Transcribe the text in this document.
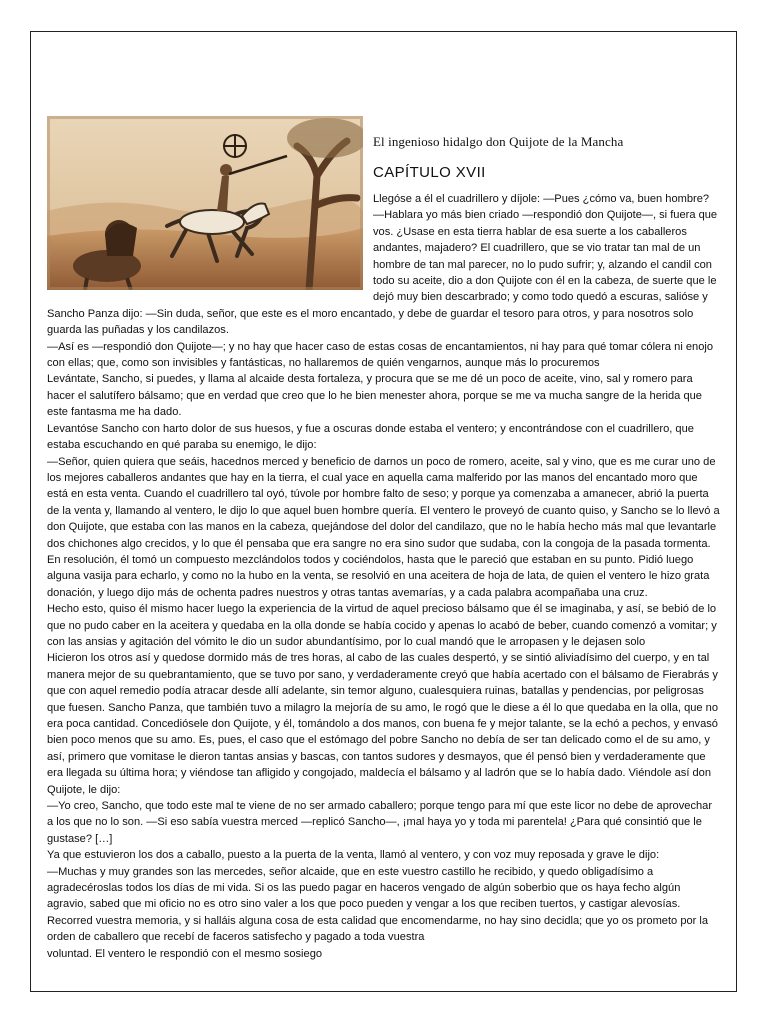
El ingenioso hidalgo don Quijote de la Mancha
CAPÍTULO XVII

Llegóse a él el cuadrillero y díjole: —Pues ¿cómo va, buen hombre? —Hablara yo más bien criado —respondió don Quijote—, si fuera que vos. ¿Usase en esta tierra hablar de esa suerte a los caballeros andantes, majadero? El cuadrillero, que se vio tratar tan mal de un hombre de tan mal parecer, no lo pudo sufrir; y, alzando el candil con todo su aceite, dio a don Quijote con él en la cabeza, de suerte que le dejó muy bien descarbrado; y como todo quedó a escuras, salióse y Sancho Panza dijo: —Sin duda, señor, que este es el moro encantado, y debe de guardar el tesoro para otros, y para nosotros solo guarda las puñadas y los candilazos.

—Así es —respondió don Quijote—; y no hay que hacer caso de estas cosas de encantamientos, ni hay para qué tomar cólera ni enojo con ellas; que, como son invisibles y fantásticas, no hallaremos de quién vengarnos, aunque más lo procuremos

Levántate, Sancho, si puedes, y llama al alcaide desta fortaleza, y procura que se me dé un poco de aceite, vino, sal y romero para hacer el salutífero bálsamo; que en verdad que creo que lo he bien menester ahora, porque se me va mucha sangre de la herida que este fantasma me ha dado.

Levantóse Sancho con harto dolor de sus huesos, y fue a oscuras donde estaba el ventero; y encontrándose con el cuadrillero, que estaba escuchando en qué paraba su enemigo, le dijo:

—Señor, quien quiera que seáis, hacednos merced y beneficio de darnos un poco de romero, aceite, sal y vino, que es me curar uno de los mejores caballeros andantes que hay en la tierra, el cual yace en aquella cama malferido por las manos del encantado moro que está en esta venta. Cuando el cuadrillero tal oyó, túvole por hombre falto de seso; y porque ya comenzaba a amanecer, abrió la puerta de la venta y, llamando al ventero, le dijo lo que aquel buen hombre quería. El ventero le proveyó de cuanto quiso, y Sancho se lo llevó a don Quijote, que estaba con las manos en la cabeza, quejándose del dolor del candilazo, que no le había hecho más mal que levantarle dos chichones algo crecidos, y lo que él pensaba que era sangre no era sino sudor que sudaba, con la congoja de la pasada tormenta.

En resolución, él tomó un compuesto mezclándolos todos y cociéndolos, hasta que le pareció que estaban en su punto. Pidió luego alguna vasija para echarlo, y como no la hubo en la venta, se resolvió en una aceitera de hoja de lata, de quien el ventero le hizo grata donación, y luego dijo más de ochenta padres nuestros y otras tantas avemarías, y a cada palabra acompañaba una cruz.

Hecho esto, quiso él mismo hacer luego la experiencia de la virtud de aquel precioso bálsamo que él se imaginaba, y así, se bebió de lo que no pudo caber en la aceitera y quedaba en la olla donde se había cocido y apenas lo acabó de beber, cuando comenzó a vomitar; y con las ansias y agitación del vómito le dio un sudor abundantísimo, por lo cual mandó que le arropasen y le dejasen solo

Hicieron los otros así y quedose dormido más de tres horas, al cabo de las cuales despertó, y se sintió aliviadísimo del cuerpo, y en tal manera mejor de su quebrantamiento, que se tuvo por sano, y verdaderamente creyó que había acertado con el bálsamo de Fierabrás y que con aquel remedio podía atracar desde allí adelante, sin temor alguno, cualesquiera ruinas, batallas y pendencias, por peligrosas que fuesen. Sancho Panza, que también tuvo a milagro la mejoría de su amo, le rogó que le diese a él lo que quedaba en la olla, que no era poca cantidad. Concediósele don Quijote, y él, tomándolo a dos manos, con buena fe y mejor talante, se la echó a pechos, y envasó bien poco menos que su amo. Es, pues, el caso que el estómago del pobre Sancho no debía de ser tan delicado como el de su amo, y así, primero que vomitase le dieron tantas ansias y bascas, con tantos sudores y desmayos, que él pensó bien y verdaderamente que era llegada su última hora; y viéndose tan afligido y congojado, maldecía el bálsamo y al ladrón que se lo había dado. Viéndole así don Quijote, le dijo:

—Yo creo, Sancho, que todo este mal te viene de no ser armado caballero; porque tengo para mí que este licor no debe de aprovechar a los que no lo son. —Si eso sabía vuestra merced —replicó Sancho—, ¡mal haya yo y toda mi parentela! ¿Para qué consintió que le gustase? […]

Ya que estuvieron los dos a caballo, puesto a la puerta de la venta, llamó al ventero, y con voz muy reposada y grave le dijo:

—Muchas y muy grandes son las mercedes, señor alcaide, que en este vuestro castillo he recibido, y quedo obligadísimo a agradecéroslas todos los días de mi vida. Si os las puedo pagar en haceros vengado de algún soberbio que os haya fecho algún agravio, sabed que mi oficio no es otro sino valer a los que poco pueden y vengar a los que reciben tuertos, y castigar alevosías. Recorred vuestra memoria, y si halláis alguna cosa de esta calidad que encomendarme, no hay sino decidla; que yo os prometo por la orden de caballero que recebí de faceros satisfecho y pagado a toda vuestra

voluntad. El ventero le respondió con el mesmo sosiego
